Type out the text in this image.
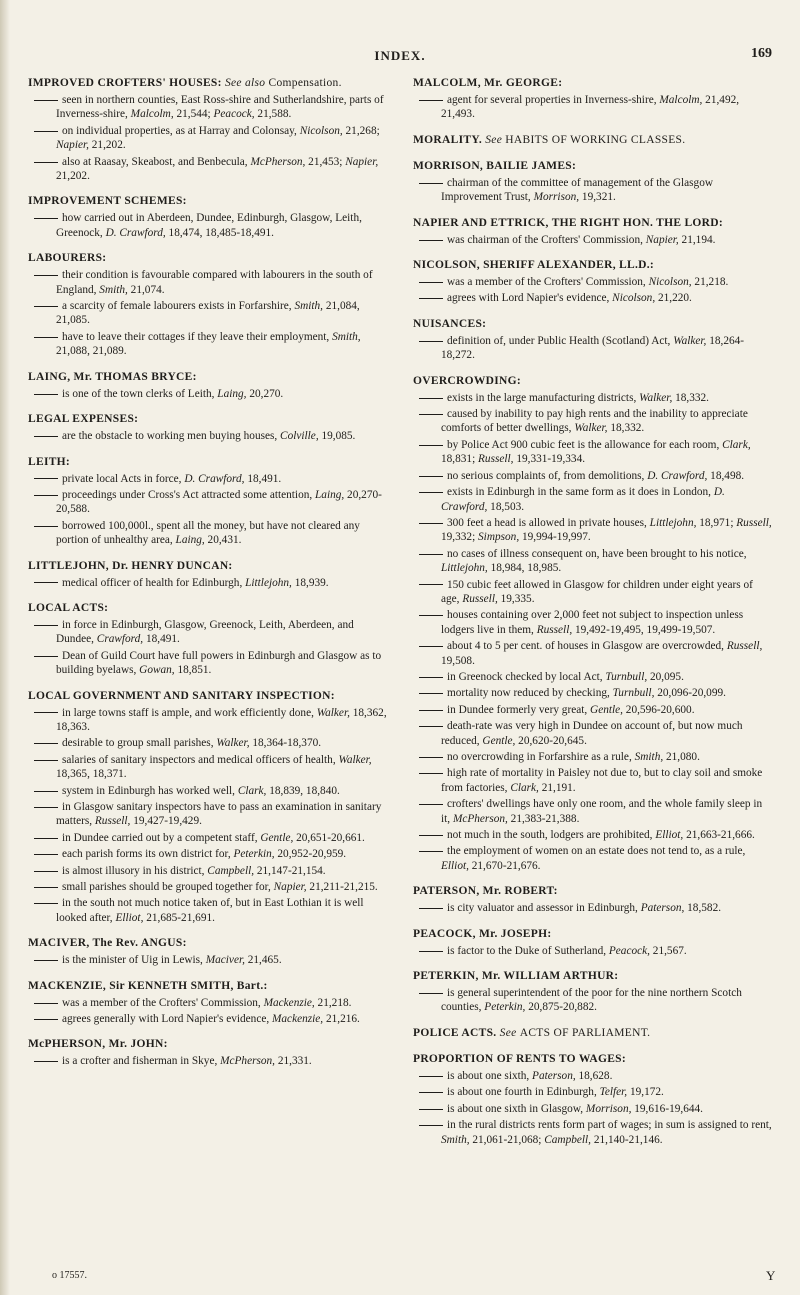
INDEX.	169
IMPROVED CROFTERS' HOUSES: See also Compensation.
seen in northern counties, East Ross-shire and Sutherlandshire, parts of Inverness-shire, Malcolm, 21,544; Peacock, 21,588.
on individual properties, as at Harray and Colonsay, Nicolson, 21,268; Napier, 21,202.
also at Raasay, Skeabost, and Benbecula, McPherson, 21,453; Napier, 21,202.
IMPROVEMENT SCHEMES:
how carried out in Aberdeen, Dundee, Edinburgh, Glasgow, Leith, Greenock, D. Crawford, 18,474, 18,485-18,491.
LABOURERS:
their condition is favourable compared with labourers in the south of England, Smith, 21,074.
a scarcity of female labourers exists in Forfarshire, Smith, 21,084, 21,085.
have to leave their cottages if they leave their employment, Smith, 21,088, 21,089.
LAING, Mr. THOMAS BRYCE:
is one of the town clerks of Leith, Laing, 20,270.
LEGAL EXPENSES:
are the obstacle to working men buying houses, Colville, 19,085.
LEITH:
private local Acts in force, D. Crawford, 18,491.
proceedings under Cross's Act attracted some attention, Laing, 20,270-20,588.
borrowed 100,000l., spent all the money, but have not cleared any portion of unhealthy area, Laing, 20,431.
LITTLEJOHN, Dr. HENRY DUNCAN:
medical officer of health for Edinburgh, Littlejohn, 18,939.
LOCAL ACTS:
in force in Edinburgh, Glasgow, Greenock, Leith, Aberdeen, and Dundee, Crawford, 18,491.
Dean of Guild Court have full powers in Edinburgh and Glasgow as to building byelaws, Gowan, 18,851.
LOCAL GOVERNMENT AND SANITARY INSPECTION:
in large towns staff is ample, and work efficiently done, Walker, 18,362, 18,363.
desirable to group small parishes, Walker, 18,364-18,370.
salaries of sanitary inspectors and medical officers of health, Walker, 18,365, 18,371.
system in Edinburgh has worked well, Clark, 18,839, 18,840.
in Glasgow sanitary inspectors have to pass an examination in sanitary matters, Russell, 19,427-19,429.
in Dundee carried out by a competent staff, Gentle, 20,651-20,661.
each parish forms its own district for, Peterkin, 20,952-20,959.
is almost illusory in his district, Campbell, 21,147-21,154.
small parishes should be grouped together for, Napier, 21,211-21,215.
in the south not much notice taken of, but in East Lothian it is well looked after, Elliot, 21,685-21,691.
MACIVER, The Rev. ANGUS:
is the minister of Uig in Lewis, Maciver, 21,465.
MACKENZIE, Sir KENNETH SMITH, Bart.:
was a member of the Crofters' Commission, Mackenzie, 21,218.
agrees generally with Lord Napier's evidence, Mackenzie, 21,216.
McPHERSON, Mr. JOHN:
is a crofter and fisherman in Skye, McPherson, 21,331.
MALCOLM, Mr. GEORGE:
agent for several properties in Inverness-shire, Malcolm, 21,492, 21,493.
MORALITY. See HABITS OF WORKING CLASSES.
MORRISON, BAILIE JAMES:
chairman of the committee of management of the Glasgow Improvement Trust, Morrison, 19,321.
NAPIER AND ETTRICK, THE RIGHT HON. THE LORD:
was chairman of the Crofters' Commission, Napier, 21,194.
NICOLSON, SHERIFF ALEXANDER, LL.D.:
was a member of the Crofters' Commission, Nicolson, 21,218.
agrees with Lord Napier's evidence, Nicolson, 21,220.
NUISANCES:
definition of, under Public Health (Scotland) Act, Walker, 18,264-18,272.
OVERCROWDING:
exists in the large manufacturing districts, Walker, 18,332.
caused by inability to pay high rents and the inability to appreciate comforts of better dwellings, Walker, 18,332.
by Police Act 900 cubic feet is the allowance for each room, Clark, 18,831; Russell, 19,331-19,334.
no serious complaints of, from demolitions, D. Crawford, 18,498.
exists in Edinburgh in the same form as it does in London, D. Crawford, 18,503.
300 feet a head is allowed in private houses, Littlejohn, 18,971; Russell, 19,332; Simpson, 19,994-19,997.
no cases of illness consequent on, have been brought to his notice, Littlejohn, 18,984, 18,985.
150 cubic feet allowed in Glasgow for children under eight years of age, Russell, 19,335.
houses containing over 2,000 feet not subject to inspection unless lodgers live in them, Russell, 19,492-19,495, 19,499-19,507.
about 4 to 5 per cent. of houses in Glasgow are overcrowded, Russell, 19,508.
in Greenock checked by local Act, Turnbull, 20,095.
mortality now reduced by checking, Turnbull, 20,096-20,099.
in Dundee formerly very great, Gentle, 20,596-20,600.
death-rate was very high in Dundee on account of, but now much reduced, Gentle, 20,620-20,645.
no overcrowding in Forfarshire as a rule, Smith, 21,080.
high rate of mortality in Paisley not due to, but to clay soil and smoke from factories, Clark, 21,191.
crofters' dwellings have only one room, and the whole family sleep in it, McPherson, 21,383-21,388.
not much in the south, lodgers are prohibited, Elliot, 21,663-21,666.
the employment of women on an estate does not tend to, as a rule, Elliot, 21,670-21,676.
PATERSON, Mr. ROBERT:
is city valuator and assessor in Edinburgh, Paterson, 18,582.
PEACOCK, Mr. JOSEPH:
is factor to the Duke of Sutherland, Peacock, 21,567.
PETERKIN, Mr. WILLIAM ARTHUR:
is general superintendent of the poor for the nine northern Scotch counties, Peterkin, 20,875-20,882.
POLICE ACTS. See ACTS OF PARLIAMENT.
PROPORTION OF RENTS TO WAGES:
is about one sixth, Paterson, 18,628.
is about one fourth in Edinburgh, Telfer, 19,172.
is about one sixth in Glasgow, Morrison, 19,616-19,644.
in the rural districts rents form part of wages; in sum is assigned to rent, Smith, 21,061-21,068; Campbell, 21,140-21,146.
o 17557.	Y
